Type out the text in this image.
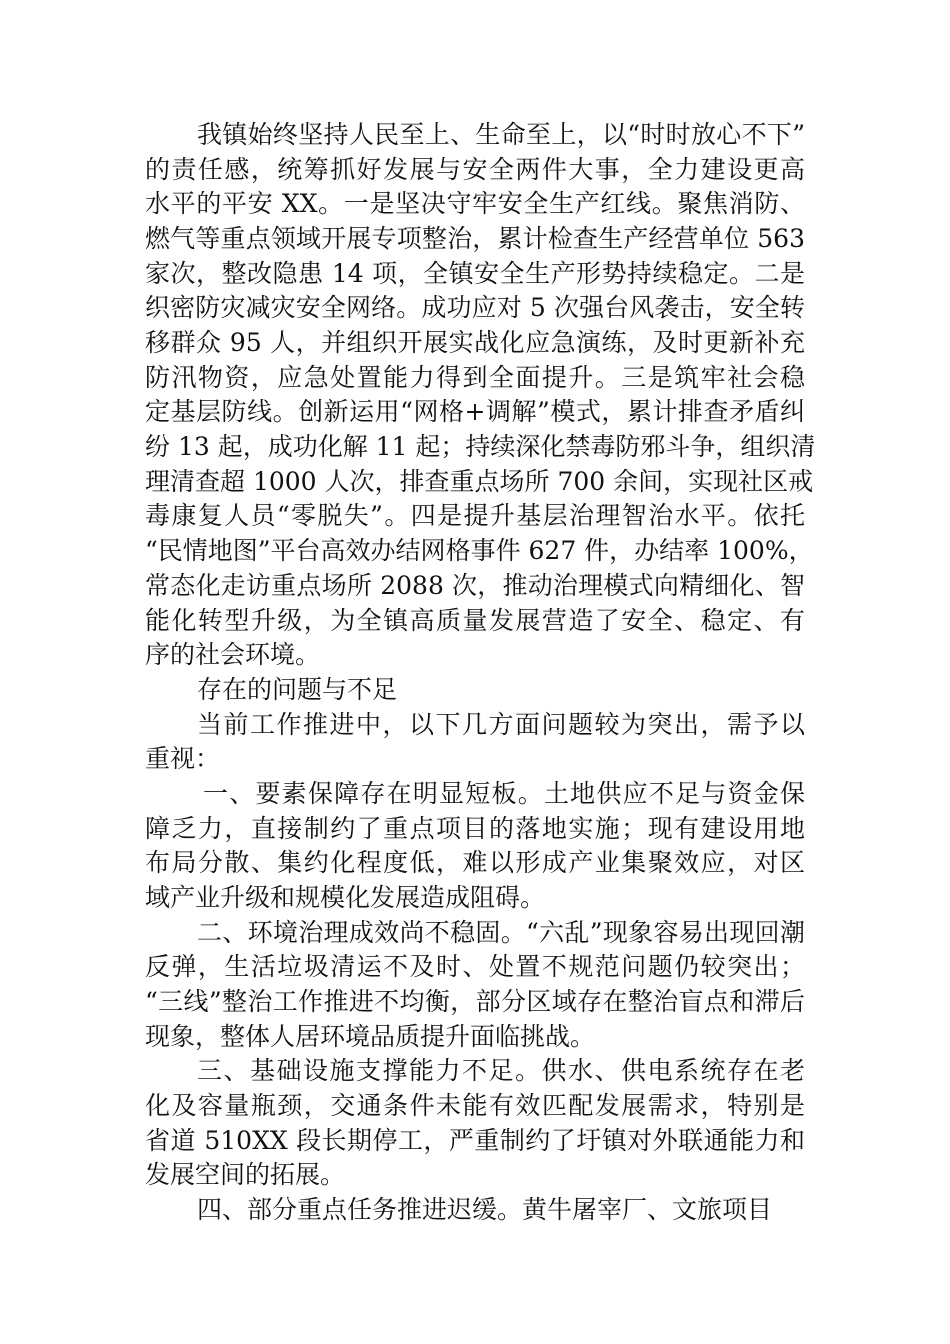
我镇始终坚持人民至上、生命至上，以“时时放心不下”
的责任感，统筹抓好发展与安全两件大事，全力建设更高
水平的平安 XX。一是坚决守牢安全生产红线。聚焦消防、
燃气等重点领域开展专项整治，累计检查生产经营单位 563
家次，整改隐患 14 项，全镇安全生产形势持续稳定。二是
织密防灾减灾安全网络。成功应对 5 次强台风袭击，安全转
移群众 95 人，并组织开展实战化应急演练，及时更新补充
防汛物资，应急处置能力得到全面提升。三是筑牢社会稳
定基层防线。创新运用“网格+调解”模式，累计排查矛盾纠
纷 13 起，成功化解 11 起；持续深化禁毒防邪斗争，组织清
理清查超 1000 人次，排查重点场所 700 余间，实现社区戒
毒康复人员“零脱失”。四是提升基层治理智治水平。依托
“民情地图”平台高效办结网格事件 627 件，办结率 100%，
常态化走访重点场所 2088 次，推动治理模式向精细化、智
能化转型升级，为全镇高质量发展营造了安全、稳定、有
序的社会环境。
存在的问题与不足
当前工作推进中，以下几方面问题较为突出，需予以
重视：
一、要素保障存在明显短板。土地供应不足与资金保
障乏力，直接制约了重点项目的落地实施；现有建设用地
布局分散、集约化程度低，难以形成产业集聚效应，对区
域产业升级和规模化发展造成阻碍。
二、环境治理成效尚不稳固。“六乱”现象容易出现回潮
反弹，生活垃圾清运不及时、处置不规范问题仍较突出；
“三线”整治工作推进不均衡，部分区域存在整治盲点和滞后
现象，整体人居环境品质提升面临挑战。
三、基础设施支撑能力不足。供水、供电系统存在老
化及容量瓶颈，交通条件未能有效匹配发展需求，特别是
省道 510XX 段长期停工，严重制约了圩镇对外联通能力和
发展空间的拓展。
四、部分重点任务推进迟缓。黄牛屠宰厂、文旅项目
